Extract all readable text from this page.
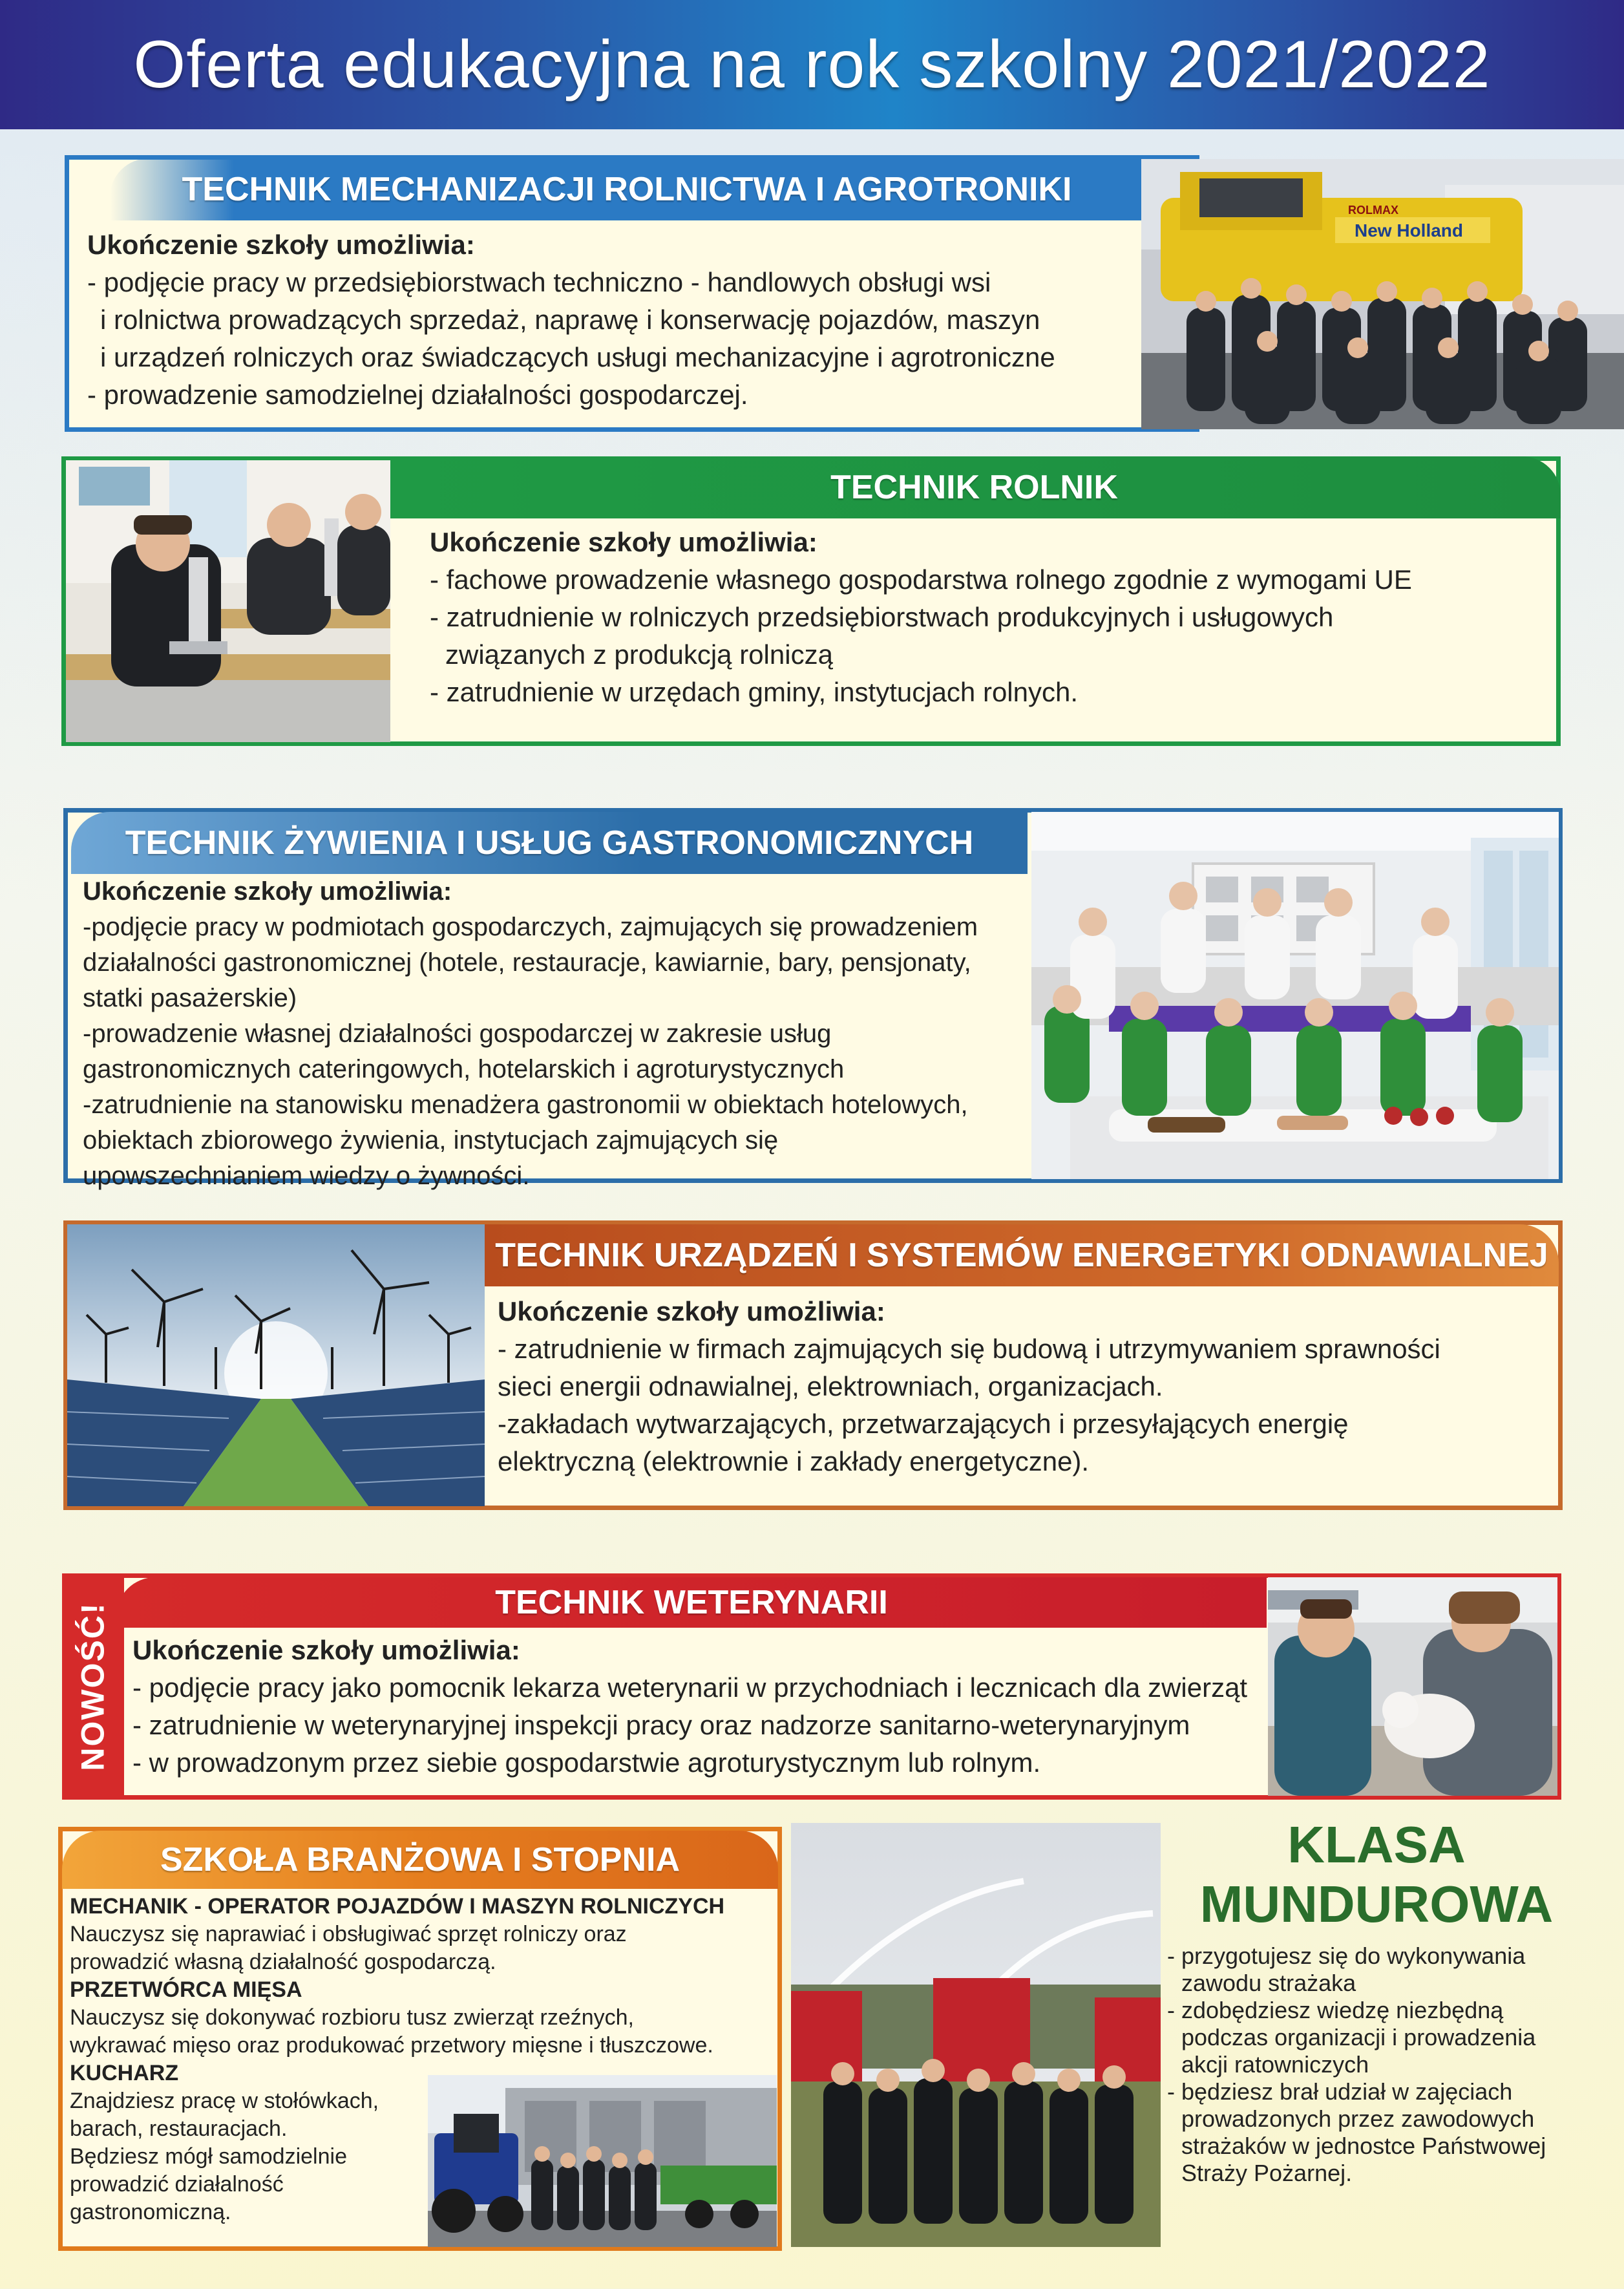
Oferta edukacyjna na rok szkolny 2021/2022
TECHNIK MECHANIZACJI ROLNICTWA I AGROTRONIKI

Ukończenie szkoły umożliwia:

- podjęcie pracy w przedsiębiorstwach techniczno - handlowych obsługi wsi

i rolnictwa prowadzących sprzedaż, naprawę i konserwację pojazdów, maszyn

i urządzeń rolniczych oraz świadczących usługi mechanizacyjne i agrotroniczne

- prowadzenie samodzielnej działalności gospodarczej.

New Holland
ROLMAX
TECHNIK ROLNIK

Ukończenie szkoły umożliwia:

- fachowe prowadzenie własnego gospodarstwa rolnego zgodnie z wymogami UE

- zatrudnienie w rolniczych przedsiębiorstwach produkcyjnych i usługowych

związanych z produkcją rolniczą

- zatrudnienie w urzędach gminy, instytucjach rolnych.

TECHNIK ŻYWIENIA I USŁUG GASTRONOMICZNYCH

Ukończenie szkoły umożliwia:

-podjęcie pracy w podmiotach gospodarczych, zajmujących się prowadzeniem

działalności gastronomicznej (hotele, restauracje, kawiarnie, bary, pensjonaty,

statki pasażerskie)

-prowadzenie własnej działalności gospodarczej w zakresie usług

gastronomicznych cateringowych, hotelarskich i agroturystycznych

-zatrudnienie na stanowisku menadżera gastronomii w obiektach hotelowych,

obiektach zbiorowego żywienia, instytucjach zajmujących się

upowszechnianiem wiedzy o żywności.

TECHNIK URZĄDZEŃ I SYSTEMÓW ENERGETYKI ODNAWIALNEJ

Ukończenie szkoły umożliwia:

- zatrudnienie w firmach zajmujących się budową i utrzymywaniem sprawności

sieci energii odnawialnej, elektrowniach, organizacjach.

-zakładach wytwarzających, przetwarzających i przesyłających energię

elektryczną (elektrownie i zakłady energetyczne).

TECHNIK WETERYNARII
NOWOŚĆ! Ukończenie szkoły umożliwia:

- podjęcie pracy jako pomocnik lekarza weterynarii w przychodniach i lecznicach dla zwierząt

- zatrudnienie w weterynaryjnej inspekcji pracy oraz nadzorze sanitarno-weterynaryjnym

- w prowadzonym przez siebie gospodarstwie agroturystycznym lub rolnym.

SZKOŁA BRANŻOWA I STOPNIA

MECHANIK - OPERATOR POJAZDÓW I MASZYN ROLNICZYCH

Nauczysz się naprawiać i obsługiwać sprzęt rolniczy oraz

prowadzić własną działalność gospodarczą.

PRZETWÓRCA MIĘSA

Nauczysz się dokonywać rozbioru tusz zwierząt rzeźnych,

wykrawać mięso oraz produkować przetwory mięsne i tłuszczowe.

KUCHARZ

Znajdziesz pracę w stołówkach,

barach, restauracjach.

Będziesz mógł samodzielnie

prowadzić działalność

gastronomiczną.

KLASA
MUNDUROWA

- przygotujesz się do wykonywania

zawodu strażaka

- zdobędziesz wiedzę niezbędną

podczas organizacji i prowadzenia

akcji ratowniczych

- będziesz brał udział w zajęciach

prowadzonych przez zawodowych

strażaków w jednostce Państwowej

Straży Pożarnej.
